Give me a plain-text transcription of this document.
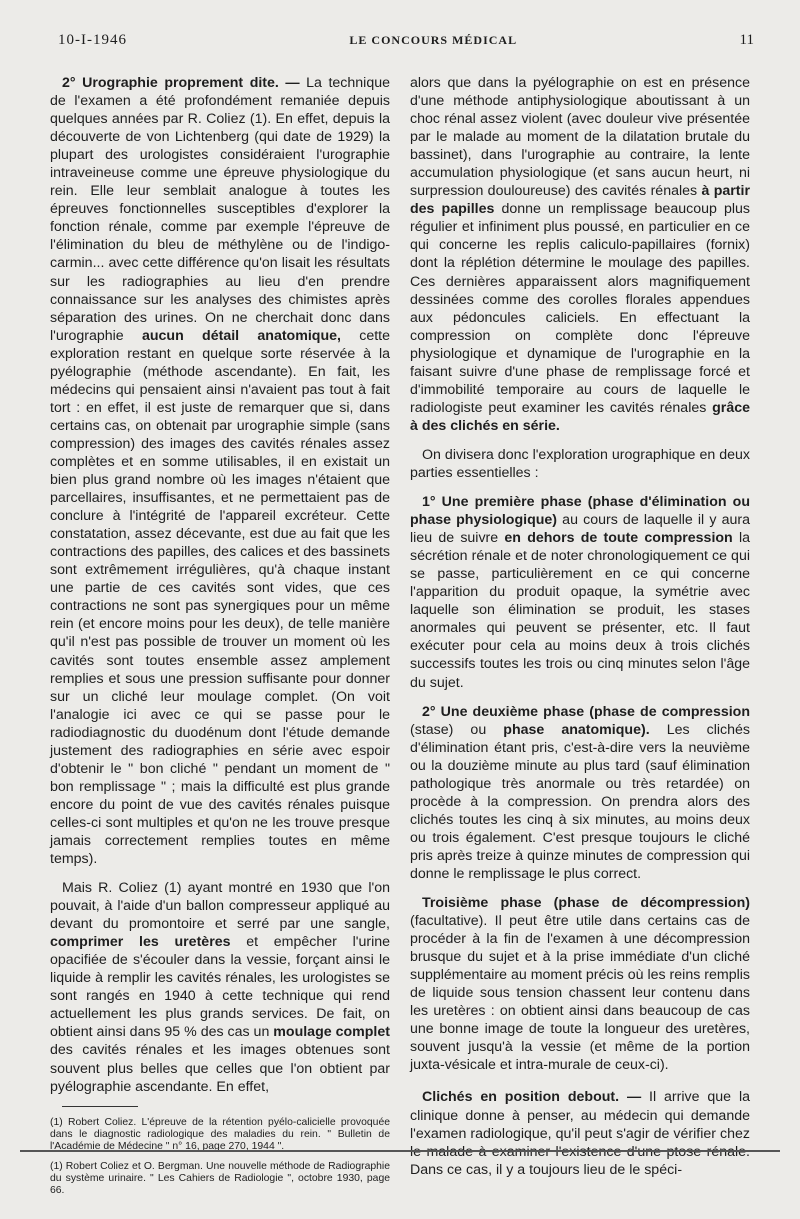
10-I-1946	LE CONCOURS MÉDICAL	11

2° Urographie proprement dite. — La technique de l'examen a été profondément remaniée depuis quelques années par R. Coliez (1). En effet, depuis la découverte de von Lichtenberg (qui date de 1929) la plupart des urologistes considéraient l'urographie intraveineuse comme une épreuve physiologique du rein. Elle leur semblait analogue à toutes les épreuves fonctionnelles susceptibles d'explorer la fonction rénale, comme par exemple l'épreuve de l'élimination du bleu de méthylène ou de l'indigo-carmin... avec cette différence qu'on lisait les résultats sur les radiographies au lieu d'en prendre connaissance sur les analyses des chimistes après séparation des urines. On ne cherchait donc dans l'urographie aucun détail anatomique, cette exploration restant en quelque sorte réservée à la pyélographie (méthode ascendante). En fait, les médecins qui pensaient ainsi n'avaient pas tout à fait tort : en effet, il est juste de remarquer que si, dans certains cas, on obtenait par urographie simple (sans compression) des images des cavités rénales assez complètes et en somme utilisables, il en existait un bien plus grand nombre où les images n'étaient que parcellaires, insuffisantes, et ne permettaient pas de conclure à l'intégrité de l'appareil excréteur. Cette constatation, assez décevante, est due au fait que les contractions des papilles, des calices et des bassinets sont extrêmement irrégulières, qu'à chaque instant une partie de ces cavités sont vides, que ces contractions ne sont pas synergiques pour un même rein (et encore moins pour les deux), de telle manière qu'il n'est pas possible de trouver un moment où les cavités sont toutes ensemble assez amplement remplies et sous une pression suffisante pour donner sur un cliché leur moulage complet. (On voit l'analogie ici avec ce qui se passe pour le radiodiagnostic du duodénum dont l'étude demande justement des radiographies en série avec espoir d'obtenir le " bon cliché " pendant un moment de " bon remplissage " ; mais la difficulté est plus grande encore du point de vue des cavités rénales puisque celles-ci sont multiples et qu'on ne les trouve presque jamais correctement remplies toutes en même temps).

Mais R. Coliez (1) ayant montré en 1930 que l'on pouvait, à l'aide d'un ballon compresseur appliqué au devant du promontoire et serré par une sangle, comprimer les uretères et empêcher l'urine opacifiée de s'écouler dans la vessie, forçant ainsi le liquide à remplir les cavités rénales, les urologistes se sont rangés en 1940 à cette technique qui rend actuellement les plus grands services. De fait, on obtient ainsi dans 95 % des cas un moulage complet des cavités rénales et les images obtenues sont souvent plus belles que celles que l'on obtient par pyélographie ascendante. En effet,

(1) Robert Coliez. L'épreuve de la rétention pyélo-calicielle provoquée dans le diagnostic radiologique des maladies du rein. " Bulletin de l'Académie de Médecine " n° 16, page 270, 1944 ".

(1) Robert Coliez et O. Bergman. Une nouvelle méthode de Radiographie du système urinaire. " Les Cahiers de Radiologie ", octobre 1930, page 66.

alors que dans la pyélographie on est en présence d'une méthode antiphysiologique aboutissant à un choc rénal assez violent (avec douleur vive présentée par le malade au moment de la dilatation brutale du bassinet), dans l'urographie au contraire, la lente accumulation physiologique (et sans aucun heurt, ni surpression douloureuse) des cavités rénales à partir des papilles donne un remplissage beaucoup plus régulier et infiniment plus poussé, en particulier en ce qui concerne les replis caliculo-papillaires (fornix) dont la réplétion détermine le moulage des papilles. Ces dernières apparaissent alors magnifiquement dessinées comme des corolles florales appendues aux pédoncules caliciels. En effectuant la compression on complète donc l'épreuve physiologique et dynamique de l'urographie en la faisant suivre d'une phase de remplissage forcé et d'immobilité temporaire au cours de laquelle le radiologiste peut examiner les cavités rénales grâce à des clichés en série.

On divisera donc l'exploration urographique en deux parties essentielles :

1° Une première phase (phase d'élimination ou phase physiologique) au cours de laquelle il y aura lieu de suivre en dehors de toute compression la sécrétion rénale et de noter chronologiquement ce qui se passe, particulièrement en ce qui concerne l'apparition du produit opaque, la symétrie avec laquelle son élimination se produit, les stases anormales qui peuvent se présenter, etc. Il faut exécuter pour cela au moins deux à trois clichés successifs toutes les trois ou cinq minutes selon l'âge du sujet.

2° Une deuxième phase (phase de compression (stase) ou phase anatomique). Les clichés d'élimination étant pris, c'est-à-dire vers la neuvième ou la douzième minute au plus tard (sauf élimination pathologique très anormale ou très retardée) on procède à la compression. On prendra alors des clichés toutes les cinq à six minutes, au moins deux ou trois également. C'est presque toujours le cliché pris après treize à quinze minutes de compression qui donne le remplissage le plus correct.

Troisième phase (phase de décompression) (facultative). Il peut être utile dans certains cas de procéder à la fin de l'examen à une décompression brusque du sujet et à la prise immédiate d'un cliché supplémentaire au moment précis où les reins remplis de liquide sous tension chassent leur contenu dans les uretères : on obtient ainsi dans beaucoup de cas une bonne image de toute la longueur des uretères, souvent jusqu'à la vessie (et même de la portion juxta-vésicale et intra-murale de ceux-ci).

Clichés en position debout. — Il arrive que la clinique donne à penser, au médecin qui demande l'examen radiologique, qu'il peut s'agir de vérifier chez le malade à examiner l'existence d'une ptose rénale. Dans ce cas, il y a toujours lieu de le spéci-
